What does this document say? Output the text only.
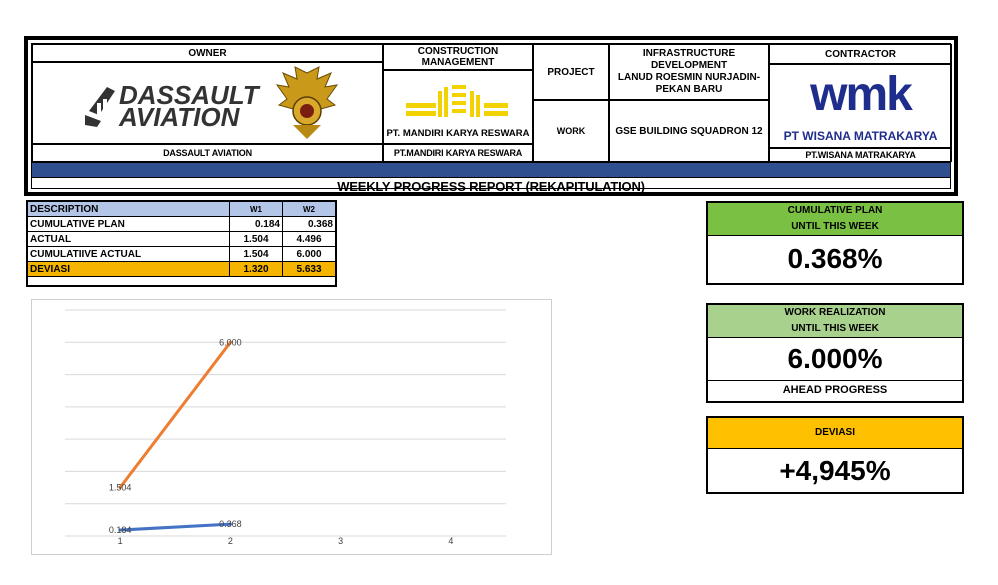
OWNER
DASSAULT
AVIATION
DASSAULT AVIATION
CONSTRUCTION MANAGEMENT
PT. MANDIRI KARYA RESWARA
PT.MANDIRI KARYA RESWARA
PROJECT
INFRASTRUCTURE DEVELOPMENT
LANUD ROESMIN NURJADIN-
PEKAN BARU
WORK	GSE BUILDING SQUADRON 12
CONTRACTOR
wmk
PT WISANA MATRAKARYA
PT.WISANA MATRAKARYA
WEEKLY PROGRESS REPORT (REKAPITULATION)
DESCRIPTION	W1	W2
CUMULATIVE PLAN	0.184	0.368
ACTUAL	1.504	4.496
CUMULATIIVE ACTUAL	1.504	6.000
DEVIASI	1.320	5.633
1	2	3	4
0.184
0.368
1.504
6.000
CUMULATIVE PLAN
UNTIL THIS WEEK
0.368%
WORK REALIZATION
UNTIL THIS WEEK
6.000%
AHEAD PROGRESS
DEVIASI
+4,945%
